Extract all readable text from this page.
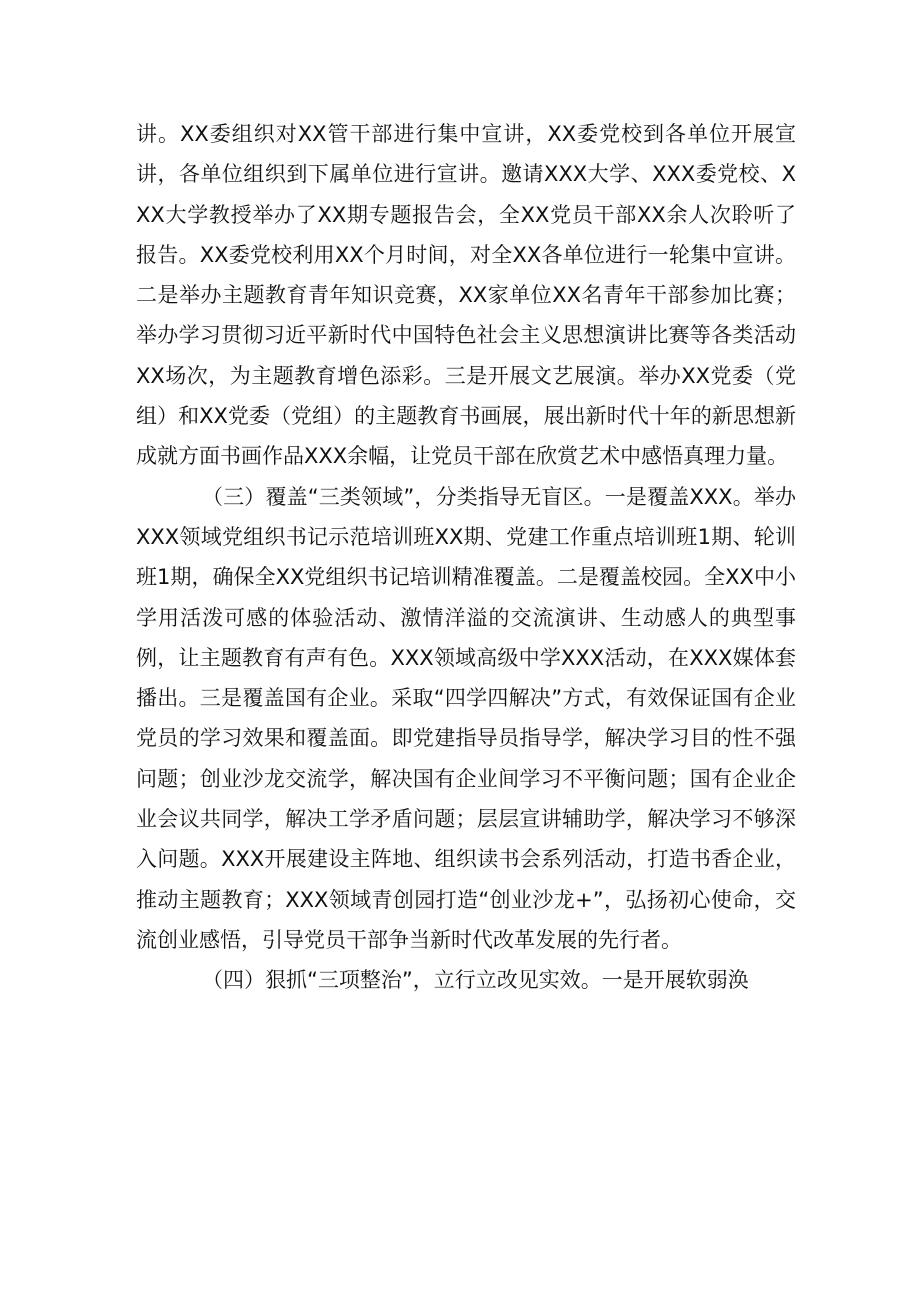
讲。XX委组织对XX管干部进行集中宣讲，XX委党校到各单位开展宣讲，各单位组织到下属单位进行宣讲。邀请XXX大学、XXX委党校、XXX大学教授举办了XX期专题报告会，全XX党员干部XX余人次聆听了报告。XX委党校利用XX个月时间，对全XX各单位进行一轮集中宣讲。二是举办主题教育青年知识竞赛，XX家单位XX名青年干部参加比赛；举办学习贯彻习近平新时代中国特色社会主义思想演讲比赛等各类活动XX场次，为主题教育增色添彩。三是开展文艺展演。举办XX党委（党组）和XX党委（党组）的主题教育书画展，展出新时代十年的新思想新成就方面书画作品XXX余幅，让党员干部在欣赏艺术中感悟真理力量。

（三）覆盖“三类领域”，分类指导无盲区。一是覆盖XXX。举办XXX领域党组织书记示范培训班XX期、党建工作重点培训班1期、轮训班1期，确保全XX党组织书记培训精准覆盖。二是覆盖校园。全XX中小学用活泼可感的体验活动、激情洋溢的交流演讲、生动感人的典型事例，让主题教育有声有色。XXX领域高级中学XXX活动，在XXX媒体套播出。三是覆盖国有企业。采取“四学四解决”方式，有效保证国有企业党员的学习效果和覆盖面。即党建指导员指导学，解决学习目的性不强问题；创业沙龙交流学，解决国有企业间学习不平衡问题；国有企业企业会议共同学，解决工学矛盾问题；层层宣讲辅助学，解决学习不够深入问题。XXX开展建设主阵地、组织读书会系列活动，打造书香企业，推动主题教育；XXX领域青创园打造“创业沙龙+”，弘扬初心使命，交流创业感悟，引导党员干部争当新时代改革发展的先行者。

（四）狠抓“三项整治”，立行立改见实效。一是开展软弱涣
